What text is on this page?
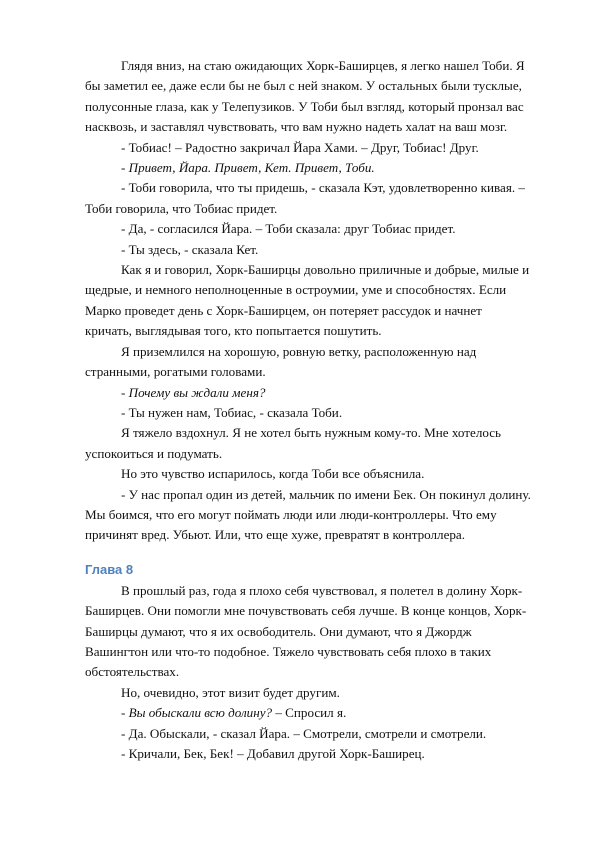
Глядя вниз, на стаю ожидающих Хорк-Баширцев, я легко нашел Тоби. Я бы заметил ее, даже если бы не был с ней знаком. У остальных были тусклые, полусонные глаза, как у Телепузиков. У Тоби был взгляд, который пронзал вас насквозь, и заставлял чувствовать, что вам нужно надеть халат на ваш мозг.

- Тобиас! – Радостно закричал Йара Хами. – Друг, Тобиас! Друг.

- Привет, Йара. Привет, Кет. Привет, Тоби.

- Тоби говорила, что ты придешь, - сказала Кэт, удовлетворенно кивая. – Тоби говорила, что Тобиас придет.

- Да, - согласился Йара. – Тоби сказала: друг Тобиас придет.

- Ты здесь, - сказала Кет.

Как я и говорил, Хорк-Баширцы довольно приличные и добрые, милые и щедрые, и немного неполноценные в остроумии, уме и способностях. Если Марко проведет день с Хорк-Баширцем, он потеряет рассудок и начнет кричать, выглядывая того, кто попытается пошутить.

Я приземлился на хорошую, ровную ветку, расположенную над странными, рогатыми головами.

- Почему вы ждали меня?

- Ты нужен нам, Тобиас, - сказала Тоби.

Я тяжело вздохнул. Я не хотел быть нужным кому-то. Мне хотелось успокоиться и подумать.

Но это чувство испарилось, когда Тоби все объяснила.

- У нас пропал один из детей, мальчик по имени Бек. Он покинул долину. Мы боимся, что его могут поймать люди или люди-контроллеры. Что ему причинят вред. Убьют. Или, что еще хуже, превратят в контроллера.

Глава 8

В прошлый раз, года я плохо себя чувствовал, я полетел в долину Хорк-Баширцев. Они помогли мне почувствовать себя лучше. В конце концов, Хорк-Баширцы думают, что я их освободитель. Они думают, что я Джордж Вашингтон или что-то подобное. Тяжело чувствовать себя плохо в таких обстоятельствах.

Но, очевидно, этот визит будет другим.

- Вы обыскали всю долину? – Спросил я.

- Да. Обыскали, - сказал Йара. – Смотрели, смотрели и смотрели.

- Кричали, Бек, Бек! – Добавил другой Хорк-Баширец.
